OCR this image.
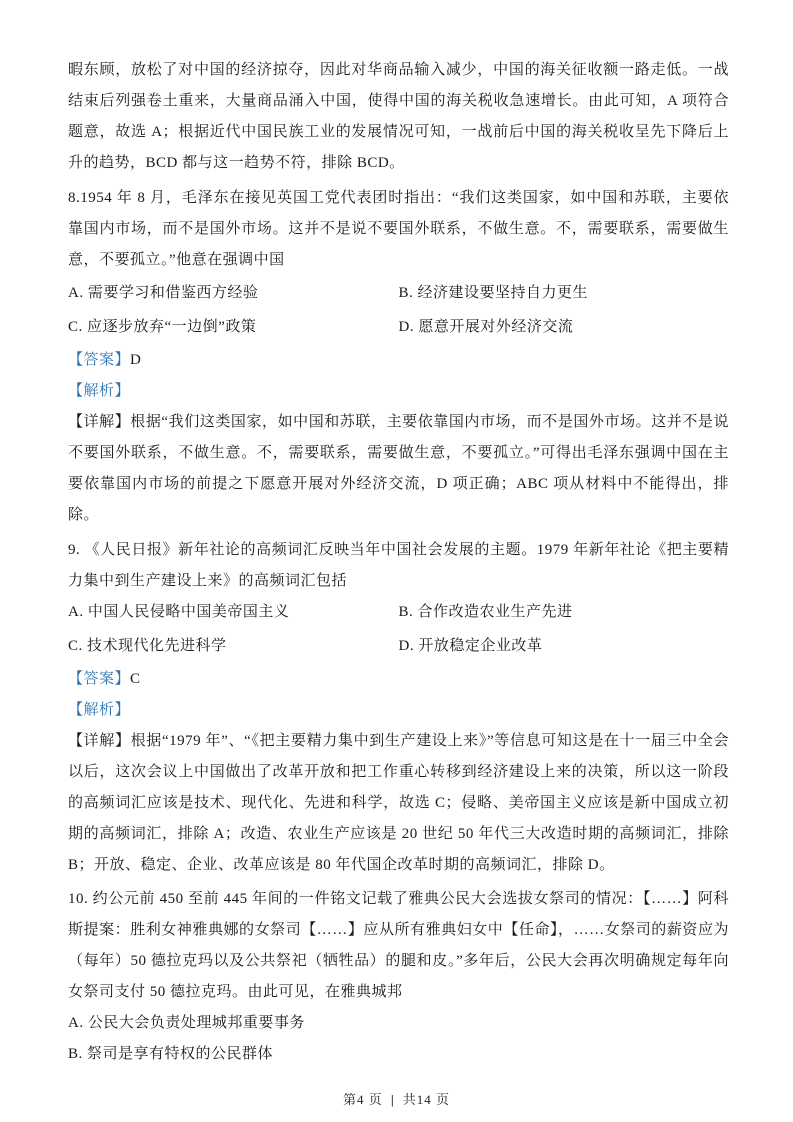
暇东顾，放松了对中国的经济掠夺，因此对华商品输入减少，中国的海关征收额一路走低。一战结束后列强卷土重来，大量商品涌入中国，使得中国的海关税收急速增长。由此可知，A 项符合题意，故选 A；根据近代中国民族工业的发展情况可知，一战前后中国的海关税收呈先下降后上升的趋势，BCD 都与这一趋势不符，排除 BCD。

8.1954 年 8 月，毛泽东在接见英国工党代表团时指出：“我们这类国家，如中国和苏联，主要依靠国内市场，而不是国外市场。这并不是说不要国外联系，不做生意。不，需要联系，需要做生意，不要孤立。”他意在强调中国

A. 需要学习和借鉴西方经验	B. 经济建设要坚持自力更生

C. 应逐步放弃“一边倒”政策	D. 愿意开展对外经济交流

【答案】D

【解析】

【详解】根据“我们这类国家，如中国和苏联，主要依靠国内市场，而不是国外市场。这并不是说不要国外联系，不做生意。不，需要联系，需要做生意，不要孤立。”可得出毛泽东强调中国在主要依靠国内市场的前提之下愿意开展对外经济交流，D 项正确；ABC 项从材料中不能得出，排除。

9. 《人民日报》新年社论的高频词汇反映当年中国社会发展的主题。1979 年新年社论《把主要精力集中到生产建设上来》的高频词汇包括

A. 中国人民侵略中国美帝国主义	B. 合作改造农业生产先进

C. 技术现代化先进科学	D. 开放稳定企业改革

【答案】C

【解析】

【详解】根据“1979 年”、“《把主要精力集中到生产建设上来》”等信息可知这是在十一届三中全会以后，这次会议上中国做出了改革开放和把工作重心转移到经济建设上来的决策，所以这一阶段的高频词汇应该是技术、现代化、先进和科学，故选 C；侵略、美帝国主义应该是新中国成立初期的高频词汇，排除 A；改造、农业生产应该是 20 世纪 50 年代三大改造时期的高频词汇，排除 B；开放、稳定、企业、改革应该是 80 年代国企改革时期的高频词汇，排除 D。

10. 约公元前 450 至前 445 年间的一件铭文记载了雅典公民大会选拔女祭司的情况：【……】阿科斯提案：胜利女神雅典娜的女祭司【……】应从所有雅典妇女中【任命】，……女祭司的薪资应为（每年）50 德拉克玛以及公共祭祀（牺牲品）的腿和皮。”多年后，公民大会再次明确规定每年向女祭司支付 50 德拉克玛。由此可见，在雅典城邦

A. 公民大会负责处理城邦重要事务

B. 祭司是享有特权的公民群体

第4 页 | 共14 页
